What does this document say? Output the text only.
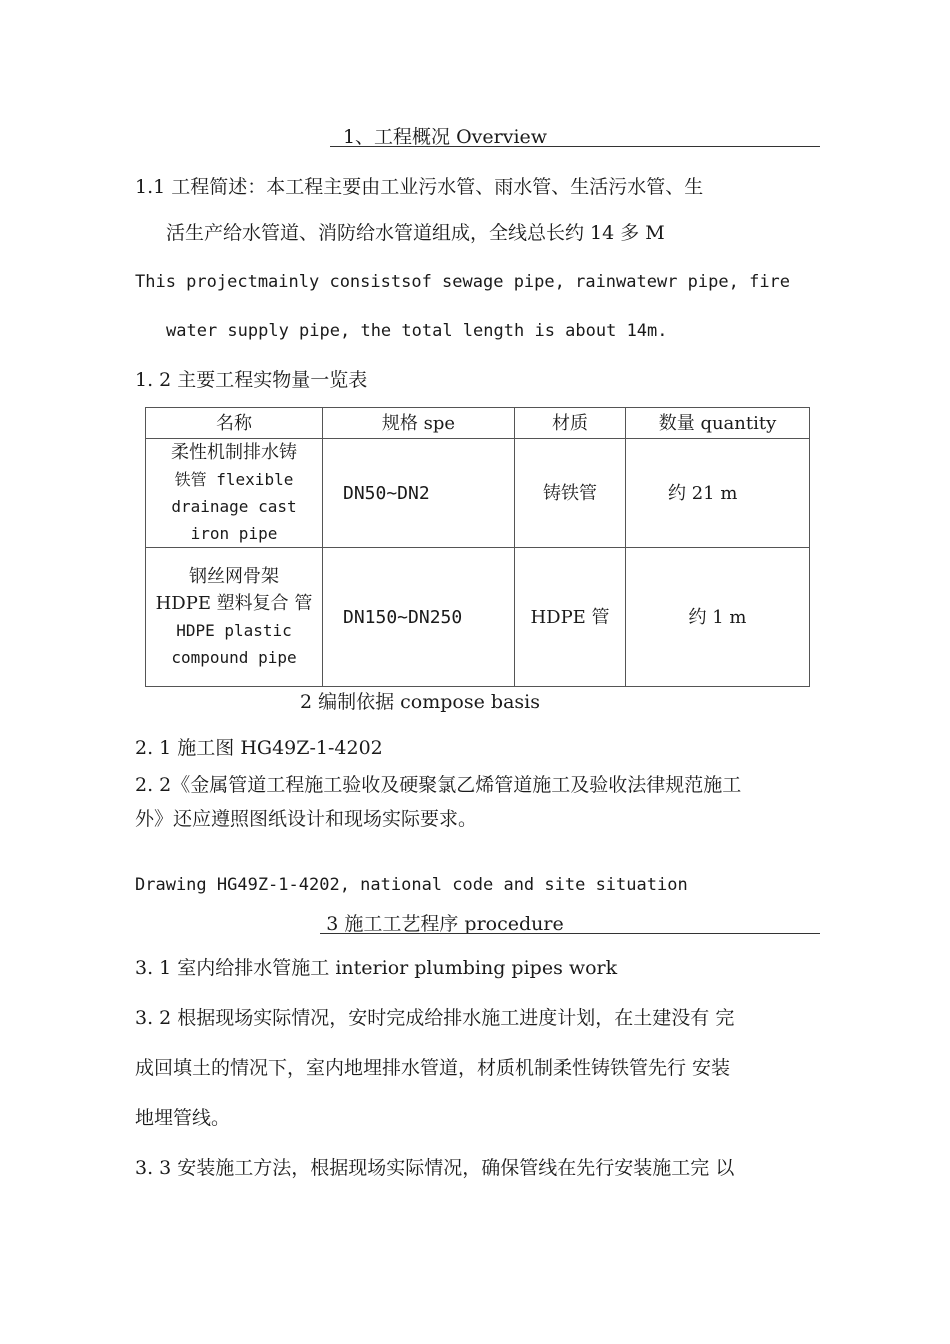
1、工程概况 Overview
1.1 工程简述：本工程主要由工业污水管、雨水管、生活污水管、生
活生产给水管道、消防给水管道组成，全线总长约 14 多 M
This projectmainly consistsof sewage pipe, rainwatewr pipe, fire
water supply pipe, the total length is about 14m.
1. 2 主要工程实物量一览表
名称	规格 spe	材质	数量 quantity

柔性机制排水铸
铁管 flexible
drainage cast
iron pipe	DN50~DN2	铸铁管	约 21 m

钢丝网骨架
HDPE 塑料复合 管
HDPE plastic
compound pipe	DN150~DN250	HDPE 管	约 1 m
2 编制依据 compose basis
2. 1 施工图 HG49Z-1-4202
2. 2《金属管道工程施工验收及硬聚氯乙烯管道施工及验收法律规范施工
外》还应遵照图纸设计和现场实际要求。
Drawing HG49Z-1-4202, national code and site situation
3 施工工艺程序 procedure
3. 1 室内给排水管施工 interior plumbing pipes work
3. 2 根据现场实际情况，安时完成给排水施工进度计划，在土建没有 完
成回填土的情况下，室内地埋排水管道，材质机制柔性铸铁管先行 安装
地埋管线。
3. 3 安装施工方法，根据现场实际情况，确保管线在先行安装施工完 以
